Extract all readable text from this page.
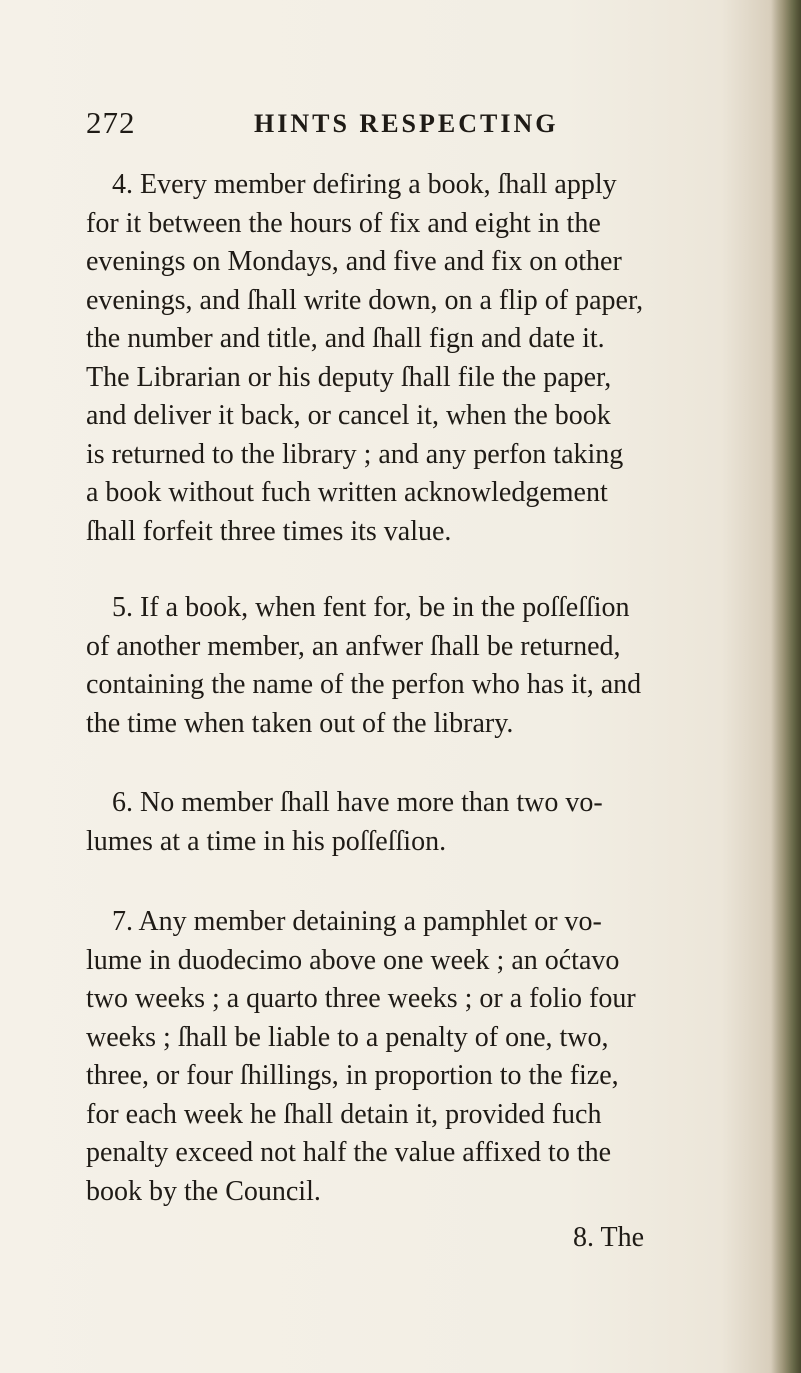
272	HINTS RESPECTING

4. Every member defiring a book, ſhall apply
for it between the hours of fix and eight in the
evenings on Mondays, and five and fix on other
evenings, and ſhall write down, on a flip of paper,
the number and title, and ſhall fign and date it.
The Librarian or his deputy ſhall file the paper,
and deliver it back, or cancel it, when the book
is returned to the library ; and any perfon taking
a book without fuch written acknowledgement
ſhall forfeit three times its value.

5. If a book, when fent for, be in the poſſeſſion
of another member, an anfwer ſhall be returned,
containing the name of the perfon who has it, and
the time when taken out of the library.

6. No member ſhall have more than two vo-
lumes at a time in his poſſeſſion.

7. Any member detaining a pamphlet or vo-
lume in duodecimo above one week ; an oćtavo
two weeks ; a quarto three weeks ; or a folio four
weeks ; ſhall be liable to a penalty of one, two,
three, or four ſhillings, in proportion to the fize,
for each week he ſhall detain it, provided fuch
penalty exceed not half the value affixed to the
book by the Council.

8. The
